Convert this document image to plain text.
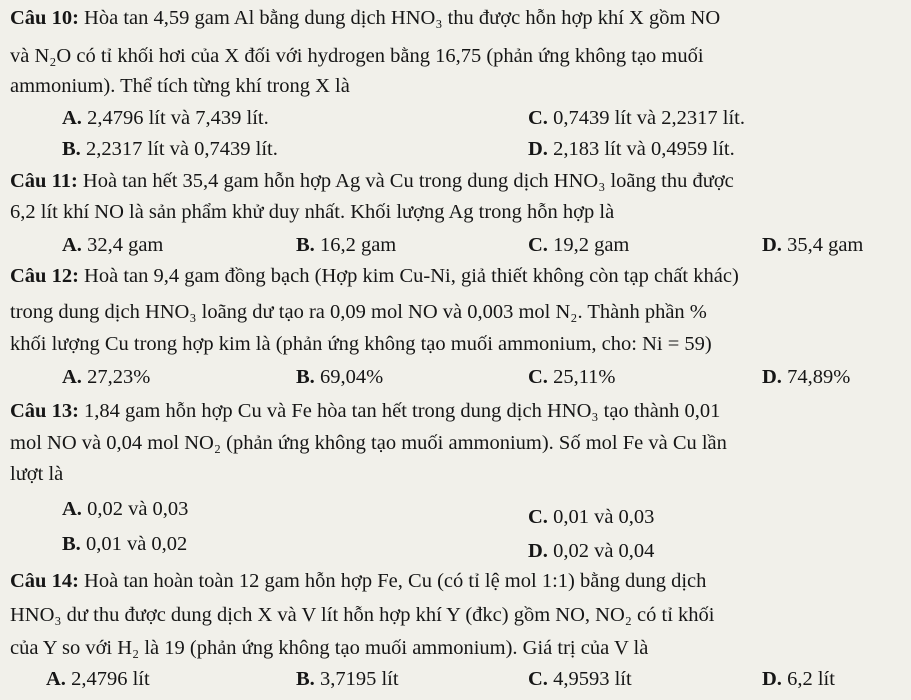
Câu 10: Hòa tan 4,59 gam Al bằng dung dịch HNO₃ thu được hỗn hợp khí X gồm NO
và N₂O có tỉ khối hơi của X đối với hydrogen bằng 16,75 (phản ứng không tạo muối
ammonium). Thể tích từng khí trong X là
A. 2,4796 lít và 7,439 lít.	C. 0,7439 lít và 2,2317 lít.
B. 2,2317 lít và 0,7439 lít.	D. 2,183 lít và 0,4959 lít.
Câu 11: Hoà tan hết 35,4 gam hỗn hợp Ag và Cu trong dung dịch HNO₃ loãng thu được
6,2 lít khí NO là sản phẩm khử duy nhất. Khối lượng Ag trong hỗn hợp là
A. 32,4 gam	B. 16,2 gam	C. 19,2 gam	D. 35,4 gam
Câu 12: Hoà tan 9,4 gam đồng bạch (Hợp kim Cu-Ni, giả thiết không còn tạp chất khác)
trong dung dịch HNO₃ loãng dư tạo ra 0,09 mol NO và 0,003 mol N₂. Thành phần %
khối lượng Cu trong hợp kim là (phản ứng không tạo muối ammonium, cho: Ni = 59)
A. 27,23%	B. 69,04%	C. 25,11%	D. 74,89%
Câu 13: 1,84 gam hỗn hợp Cu và Fe hòa tan hết trong dung dịch HNO₃ tạo thành 0,01
mol NO và 0,04 mol NO₂ (phản ứng không tạo muối ammonium). Số mol Fe và Cu lần
lượt là
A. 0,02 và 0,03	C. 0,01 và 0,03
B. 0,01 và 0,02	D. 0,02 và 0,04
Câu 14: Hoà tan hoàn toàn 12 gam hỗn hợp Fe, Cu (có tỉ lệ mol 1:1) bằng dung dịch
HNO₃ dư thu được dung dịch X và V lít hỗn hợp khí Y (đkc) gồm NO, NO₂ có tỉ khối
của Y so với H₂ là 19 (phản ứng không tạo muối ammonium). Giá trị của V là
A. 2,4796 lít	B. 3,7195 lít	C. 4,9593 lít	D. 6,2 lít
